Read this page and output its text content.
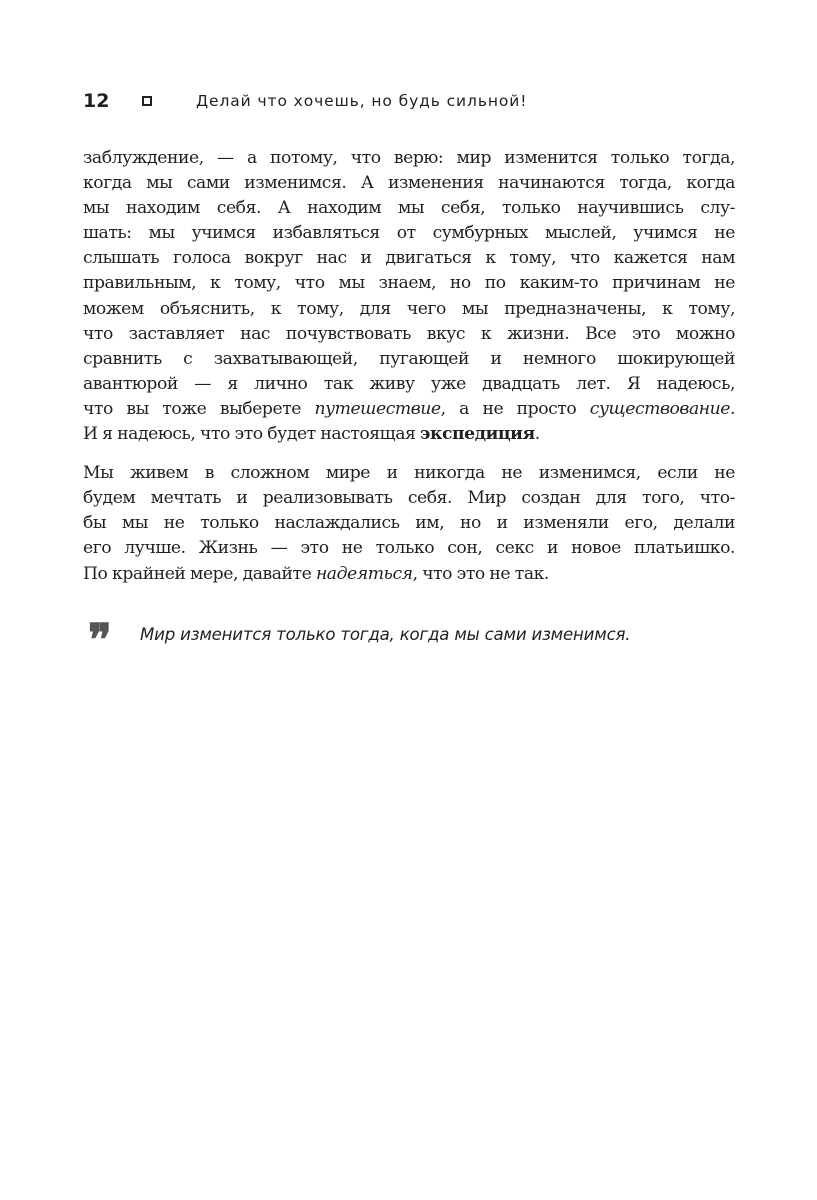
12	Делай что хочешь, но будь сильной!
заблуждение, — а потому, что верю: мир изменится только тогда,
когда мы сами изменимся. А изменения начинаются тогда, когда
мы находим себя. А находим мы себя, только научившись слу-
шать: мы учимся избавляться от сумбурных мыслей, учимся не
слышать голоса вокруг нас и двигаться к тому, что кажется нам
правильным, к тому, что мы знаем, но по каким-то причинам не
можем объяснить, к тому, для чего мы предназначены, к тому,
что заставляет нас почувствовать вкус к жизни. Все это можно
сравнить с захватывающей, пугающей и немного шокирующей
авантюрой — я лично так живу уже двадцать лет. Я надеюсь,
что вы тоже выберете путешествие, а не просто существование.
И я надеюсь, что это будет настоящая экспедиция.
Мы живем в сложном мире и никогда не изменимся, если не
будем мечтать и реализовывать себя. Мир создан для того, что-
бы мы не только наслаждались им, но и изменяли его, делали
его лучше. Жизнь — это не только сон, секс и новое платьишко.
По крайней мере, давайте надеяться, что это не так.
❞	Мир изменится только тогда, когда мы сами изменимся.
